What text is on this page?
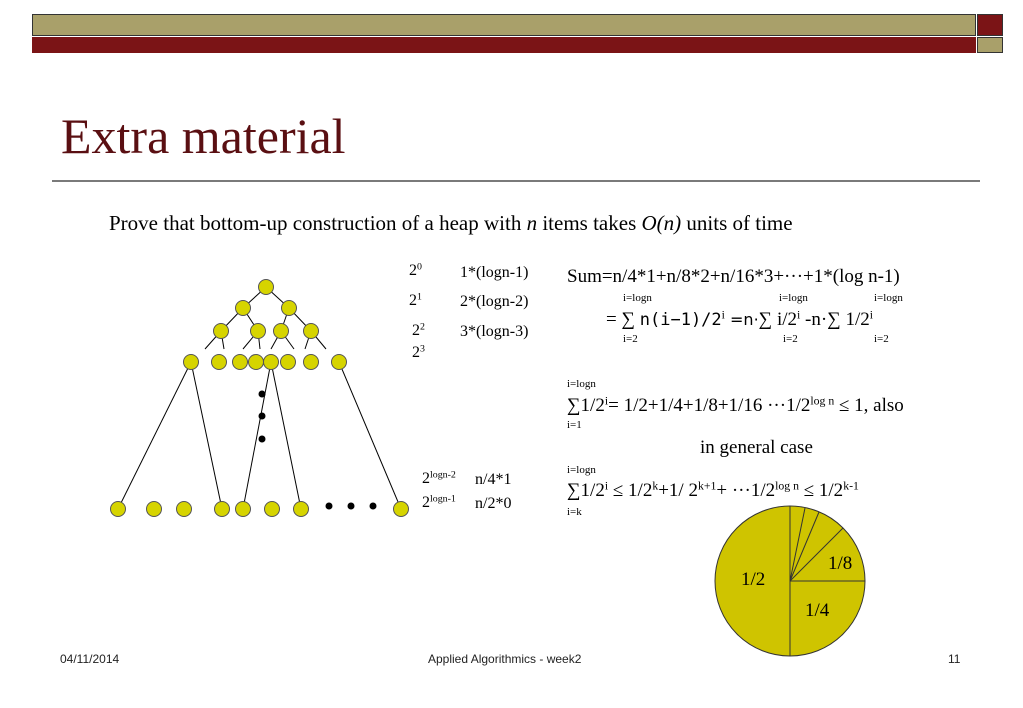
Extra material
Prove that bottom-up construction of a heap with n items takes O(n) units of time
$2^0$ 1*(logn-1)
$2^1$ 2*(logn-2)
$2^2$ 3*(logn-3)
$2^3$
$2^{logn-2}$ n/4*1
$2^{logn-1}$ n/2*0
Sum=n/4*1+n/8*2+n/16*3+···+1*(log n-1)
i=logn
i=2
i=logn
i=2
i=logn
i=2
= ∑ $n(i-1)/2^i =n\cdot\sum$ i/2$^i$ -n·∑ 1/2$^i$
i=logn
i=1
$\sum 1/2^i= 1/2+1/4+1/8+1/16 \cdot\cdot\cdot 1/2^{log n} \le 1$, also
in general case
i=logn
i=k
$\sum 1/2^i \le 1/2^k+1/$ $2^{k+1}+ \cdot\cdot\cdot 1/2^{log n} \le 1/2^{k-1}$
1/2
1/4
1/8
04/11/2014	Applied Algorithmics - week2	11
